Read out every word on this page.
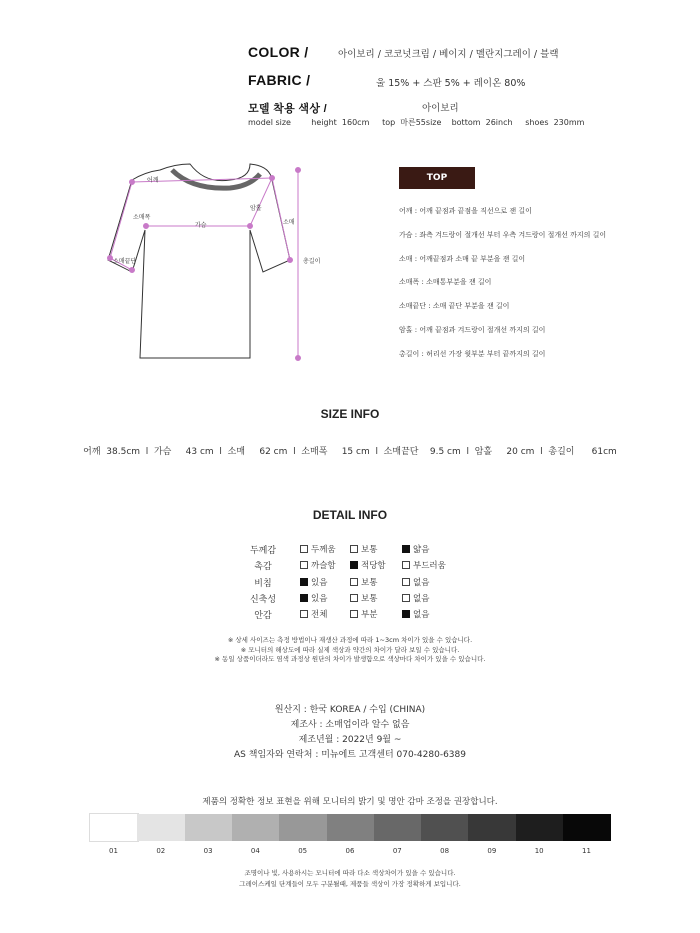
COLOR /	아이보리 / 코코넛크림 / 베이지 / 멜란지그레이 / 블랙
FABRIC /	울 15% + 스판 5% + 레이온 80%
모델 착용 색상 /	아이보리
model size        height  160cm     top  마른55size    bottom  26inch     shoes  230mm
어깨
소매폭
가슴
암홀
소매
소매끝단	총길이
TOP
어깨 : 어깨 끝점과 끝점을 직선으로 잰 길이
가슴 : 좌측 겨드랑이 절개선 부터 우측 겨드랑이 절개선 까지의 길이
소매 : 어깨끝점과 소매 끝 부분을 잰 길이
소매폭 : 소매통부분을 잰 길이
소매끝단 : 소매 끝단 부분을 잰 길이
암홀 : 어깨 끝점과 겨드랑이 절개선 까지의 길이
총길이 : 허리선 가장 윗부분 부터 끝까지의 길이
SIZE INFO
어깨  38.5cm  l  가슴     43 cm  l  소매     62 cm  l  소매폭     15 cm  l  소매끝단    9.5 cm  l  암홀     20 cm  l  총길이      61cm
DETAIL INFO
두께감	두께움	보통	얇음
촉감	까슬함	적당함	부드러움
비침	있음	보통	없음
신축성	있음	보통	없음
안감	전체	부분	없음
※ 상세 사이즈는 측정 방법이나 재생산 과정에 따라 1~3cm 차이가 있을 수 있습니다.
※ 모니터의 해상도에 따라 실제 색상과 약간의 차이가 달라 보일 수 있습니다.
※ 동일 상품이더라도 염색 과정상 원단의 차이가 발생함으로 색상마다 차이가 있을 수 있습니다.
원산지 : 한국 KOREA / 수입 (CHINA)
제조사 : 소매업이라 알수 없음
제조년월 : 2022년 9월 ~
AS 책임자와 연락처 : 미뉴에트 고객센터 070-4280-6389
제품의 정확한 정보 표현을 위해 모니터의 밝기 및 명안 감마 조정을 권장합니다.
01	02	03	04	05	06	07	08	09	10	11
조명이나 빛, 사용하시는 모니터에 따라 다소 색상차이가 있을 수 있습니다.
그레이스케일 단계들이 모두 구분될때, 제품들 색상이 가장 정확하게 보입니다.
